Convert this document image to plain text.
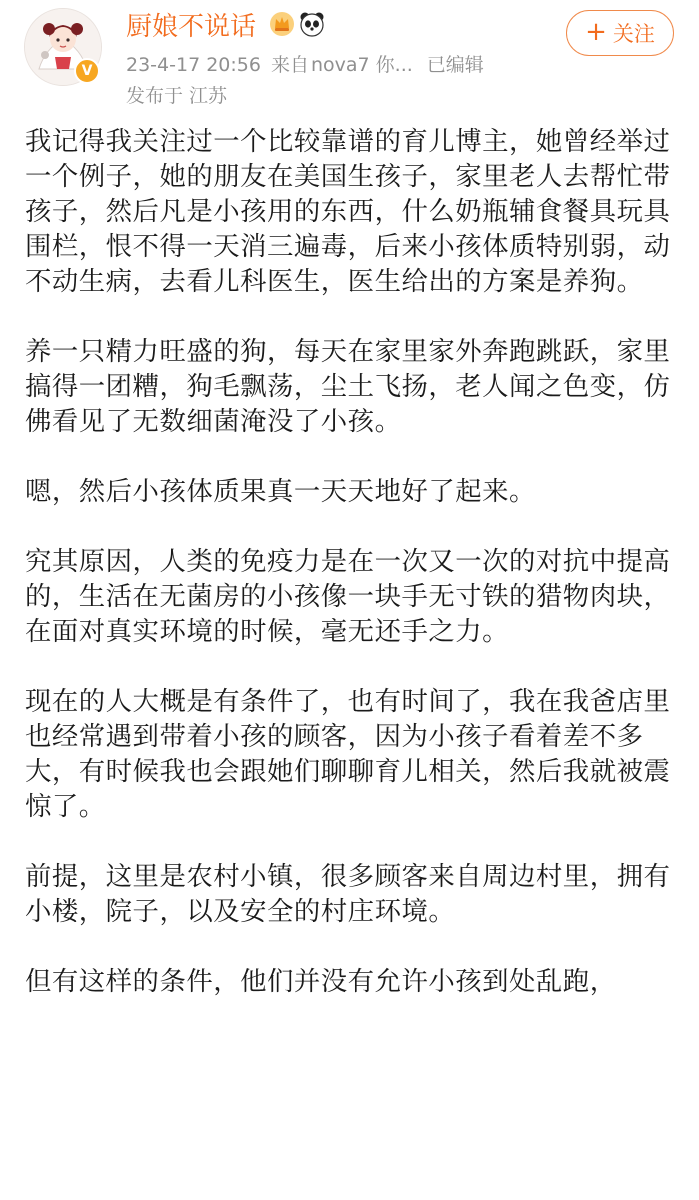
V
厨娘不说话
23-4-17 20:56 来自 nova7 你... 已编辑
发布于 江苏
+ 关注

我记得我关注过一个比较靠谱的育儿博主，她曾经举过一个例子，她的朋友在美国生孩子，家里老人去帮忙带孩子，然后凡是小孩用的东西，什么奶瓶辅食餐具玩具围栏，恨不得一天消三遍毒，后来小孩体质特别弱，动不动生病，去看儿科医生，医生给出的方案是养狗。

养一只精力旺盛的狗，每天在家里家外奔跑跳跃，家里搞得一团糟，狗毛飘荡，尘土飞扬，老人闻之色变，仿佛看见了无数细菌淹没了小孩。

嗯，然后小孩体质果真一天天地好了起来。

究其原因，人类的免疫力是在一次又一次的对抗中提高的，生活在无菌房的小孩像一块手无寸铁的猎物肉块，在面对真实环境的时候，毫无还手之力。

现在的人大概是有条件了，也有时间了，我在我爸店里也经常遇到带着小孩的顾客，因为小孩子看着差不多大，有时候我也会跟她们聊聊育儿相关，然后我就被震惊了。

前提，这里是农村小镇，很多顾客来自周边村里，拥有小楼，院子，以及安全的村庄环境。

但有这样的条件，他们并没有允许小孩到处乱跑，
